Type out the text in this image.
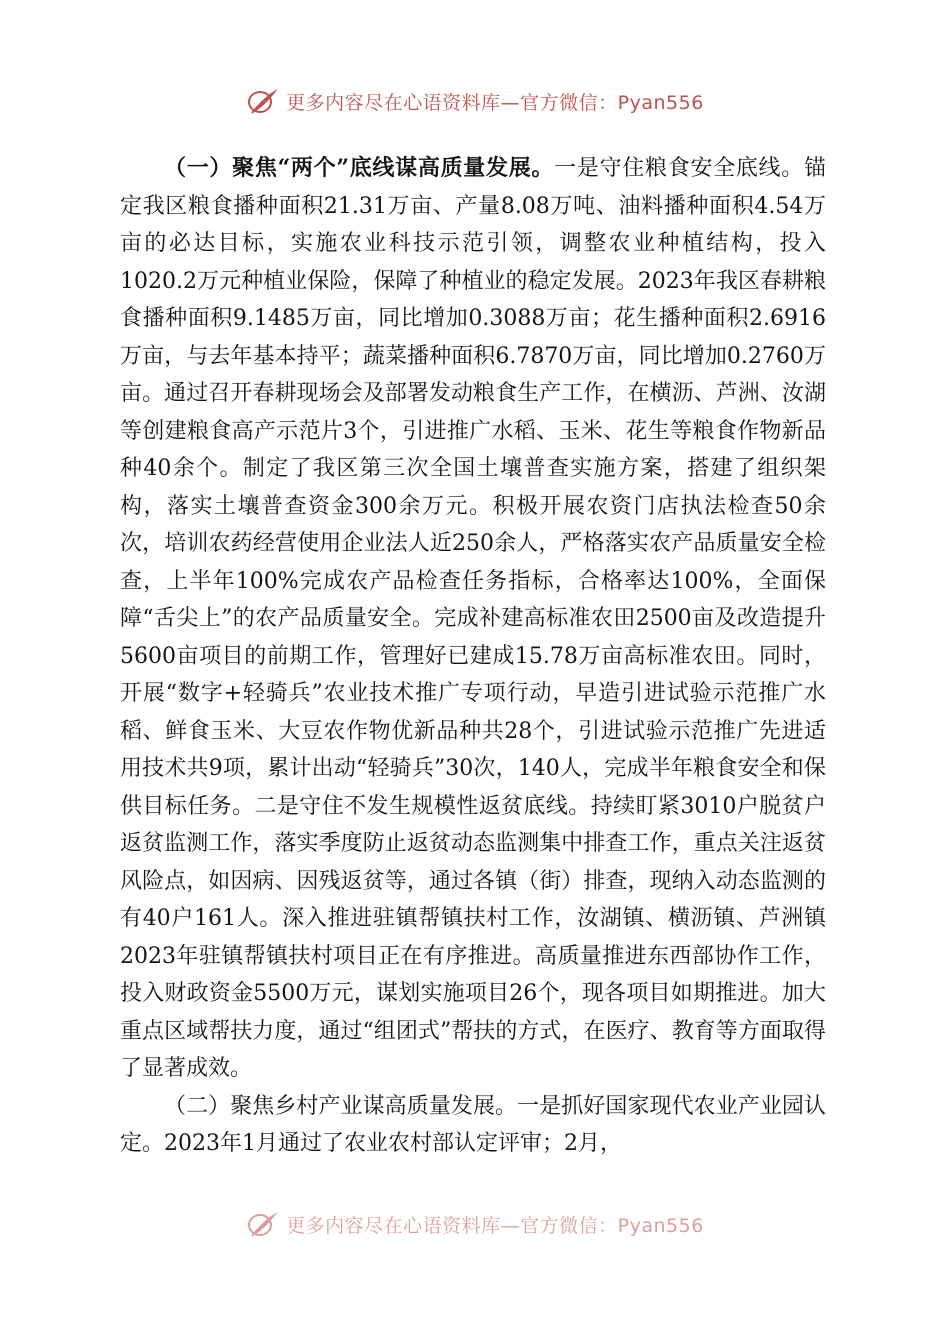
更多内容尽在心语资料库—官方微信：Pyan556

（一）聚焦“两个”底线谋高质量发展。一是守住粮食安全底线。锚定我区粮食播种面积21.31万亩、产量8.08万吨、油料播种面积4.54万亩的必达目标，实施农业科技示范引领，调整农业种植结构，投入1020.2万元种植业保险，保障了种植业的稳定发展。2023年我区春耕粮食播种面积9.1485万亩，同比增加0.3088万亩；花生播种面积2.6916万亩，与去年基本持平；蔬菜播种面积6.7870万亩，同比增加0.2760万亩。通过召开春耕现场会及部署发动粮食生产工作，在横沥、芦洲、汝湖等创建粮食高产示范片3个，引进推广水稻、玉米、花生等粮食作物新品种40余个。制定了我区第三次全国土壤普查实施方案，搭建了组织架构，落实土壤普查资金300余万元。积极开展农资门店执法检查50余次，培训农药经营使用企业法人近250余人，严格落实农产品质量安全检查，上半年100%完成农产品检查任务指标，合格率达100%，全面保障“舌尖上”的农产品质量安全。完成补建高标准农田2500亩及改造提升5600亩项目的前期工作，管理好已建成15.78万亩高标准农田。同时，开展“数字+轻骑兵”农业技术推广专项行动，早造引进试验示范推广水稻、鲜食玉米、大豆农作物优新品种共28个，引进试验示范推广先进适用技术共9项，累计出动“轻骑兵”30次，140人，完成半年粮食安全和保供目标任务。二是守住不发生规模性返贫底线。持续盯紧3010户脱贫户返贫监测工作，落实季度防止返贫动态监测集中排查工作，重点关注返贫风险点，如因病、因残返贫等，通过各镇（街）排查，现纳入动态监测的有40户161人。深入推进驻镇帮镇扶村工作，汝湖镇、横沥镇、芦洲镇2023年驻镇帮镇扶村项目正在有序推进。高质量推进东西部协作工作，投入财政资金5500万元，谋划实施项目26个，现各项目如期推进。加大重点区域帮扶力度，通过“组团式”帮扶的方式，在医疗、教育等方面取得了显著成效。

（二）聚焦乡村产业谋高质量发展。一是抓好国家现代农业产业园认定。2023年1月通过了农业农村部认定评审；2月，

更多内容尽在心语资料库—官方微信：Pyan556
